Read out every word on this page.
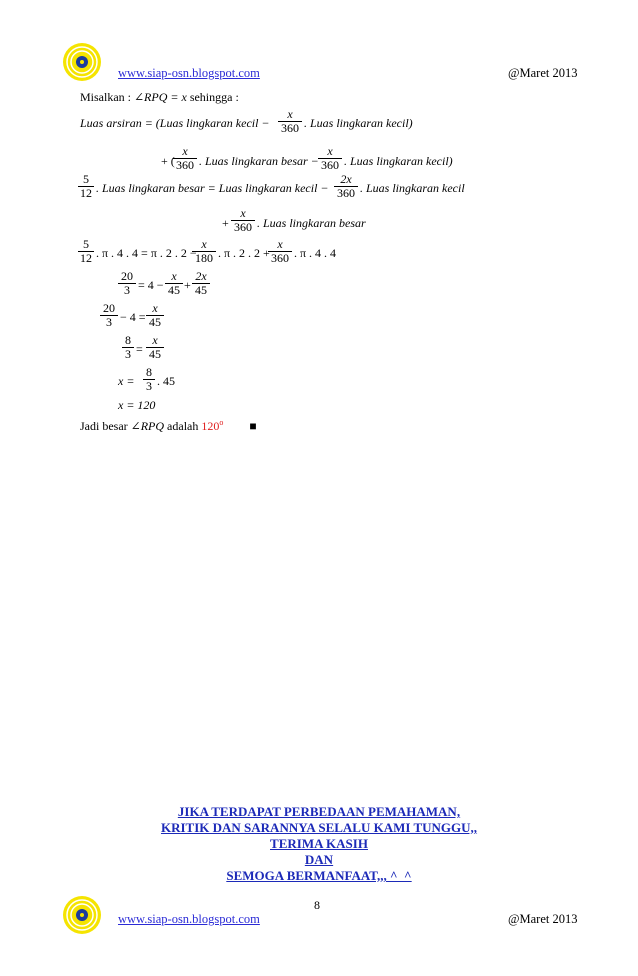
www.siap-osn.blogspot.com	@Maret 2013
Misalkan : ∠RPQ = x sehingga :
Luas arsiran = (Luas lingkaran kecil − $\frac{x}{360}$ . Luas lingkaran kecil)
+ (
$\frac{x}{360}$ . Luas lingkaran besar − $\frac{x}{360}$ . Luas lingkaran kecil)
$\frac{5}{12}$ . Luas lingkaran besar = Luas lingkaran kecil − $\frac{2x}{360}$ . Luas lingkaran kecil
+ $\frac{x}{360}$ . Luas lingkaran besar
$\frac{5}{12}$ . π . 4 . 4 = π . 2 . 2 −
$\frac{x}{180}$ . π . 2 . 2 +
$\frac{x}{360}$ . π . 4 . 4
$\frac{20}{3} = 4 - \frac{x}{45} + \frac{2x}{45}$
$\frac{20}{3} - 4 = \frac{x}{45}$
$\frac{8}{3} = \frac{x}{45}$
$x = \frac{8}{3}$ . 45
x = 120
Jadi besar ∠RPQ adalah 120$^o$ ■
JIKA TERDAPAT PERBEDAAN PEMAHAMAN,
KRITIK DAN SARANNYA SELALU KAMI TUNGGU,,
TERIMA KASIH
DAN
SEMOGA BERMANFAAT,,, ^_^
8
www.siap-osn.blogspot.com	@Maret 2013
